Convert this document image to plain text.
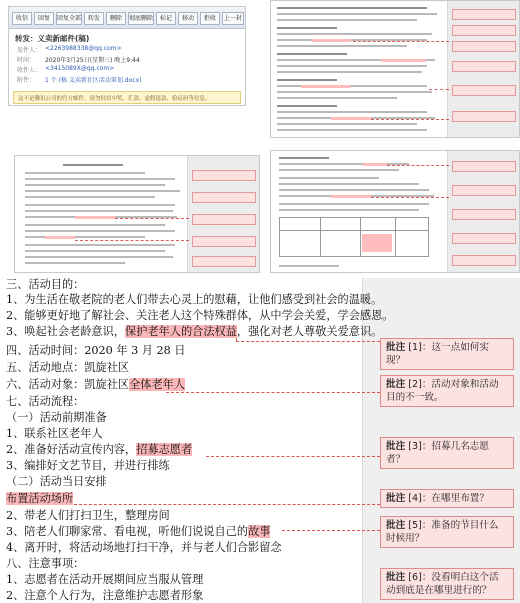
收信	回复	回复全部	转发	删除	彻底删除	标记	移动	拒收	上一封
转发：义卖新邮件(稿)
发件人： <2263988338@qq.com>
时间： 2020年3月25日(星期三) 晚上9:44
收件人： <3415089X@qq.com>
附件： 1 个 (稿 义卖新社区活动策划.docx)
这不是腾讯公司的官方邮件，请勿轻信中奖、汇款、虚假退款、验证码等信息。
三、活动目的：
1、为生活在敬老院的老人们带去心灵上的慰藉，让他们感受到社会的温暖。
2、能够更好地了解社会、关注老人这个特殊群体，从中学会关爱，学会感恩。
3、唤起社会老龄意识，保护老年人的合法权益，强化对老人尊敬关爱意识。
四、活动时间：2020 年 3 月 28 日
五、活动地点：凯旋社区
六、活动对象：凯旋社区全体老年人
七、活动流程：
（一）活动前期准备
1、联系社区老年人
2、准备好活动宣传内容，招募志愿者
3、编排好文艺节目，并进行排练
（二）活动当日安排
布置活动场所
2、带老人们打扫卫生，整理房间
3、陪老人们聊家常、看电视，听他们说说自己的故事
4、离开时，将活动场地打扫干净，并与老人们合影留念
八、注意事项：
1、志愿者在活动开展期间应当服从管理
2、注意个人行为，注意维护志愿者形象
批注 [1]：这一点如何实现？
批注 [2]：活动对象和活动目的不一致。
批注 [3]：招募几名志愿者？
批注 [4]：在哪里布置？
批注 [5]：准备的节目什么时候用？
批注 [6]：没看明白这个活动到底是在哪里进行的？
